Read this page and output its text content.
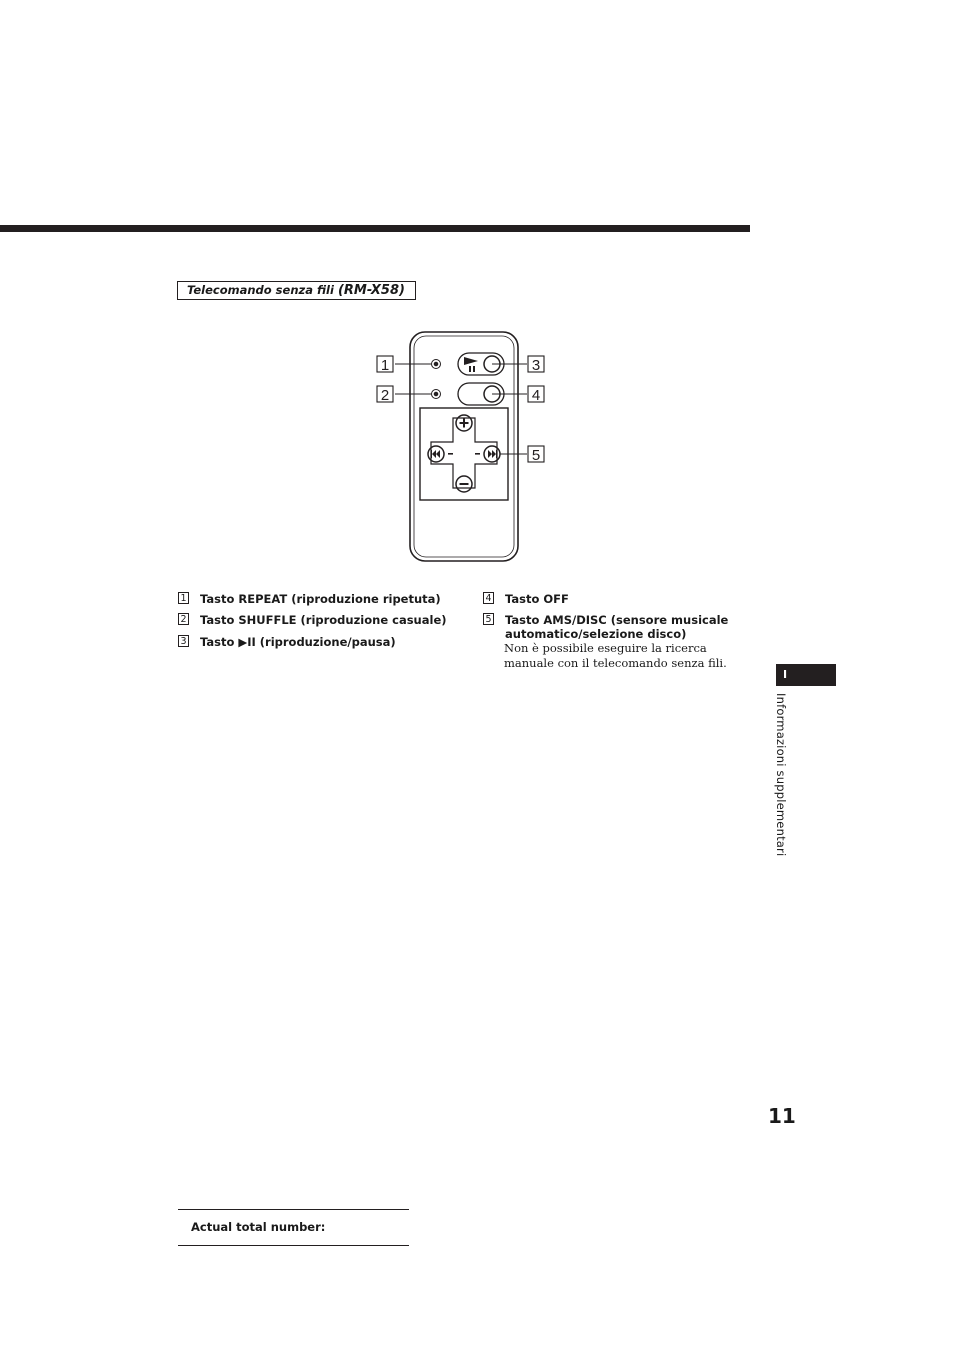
Telecomando senza fili (RM-X58)
1
2
3
4
5
1 Tasto REPEAT (riproduzione ripetuta)
2 Tasto SHUFFLE (riproduzione casuale)
3 Tasto ▶II (riproduzione/pausa)
4 Tasto OFF
5 Tasto AMS/DISC (sensore musicale
automatico/selezione disco)
Non è possibile eseguire la ricerca manuale con il telecomando senza fili.
I
Informazioni supplementari
11
Actual total number:
